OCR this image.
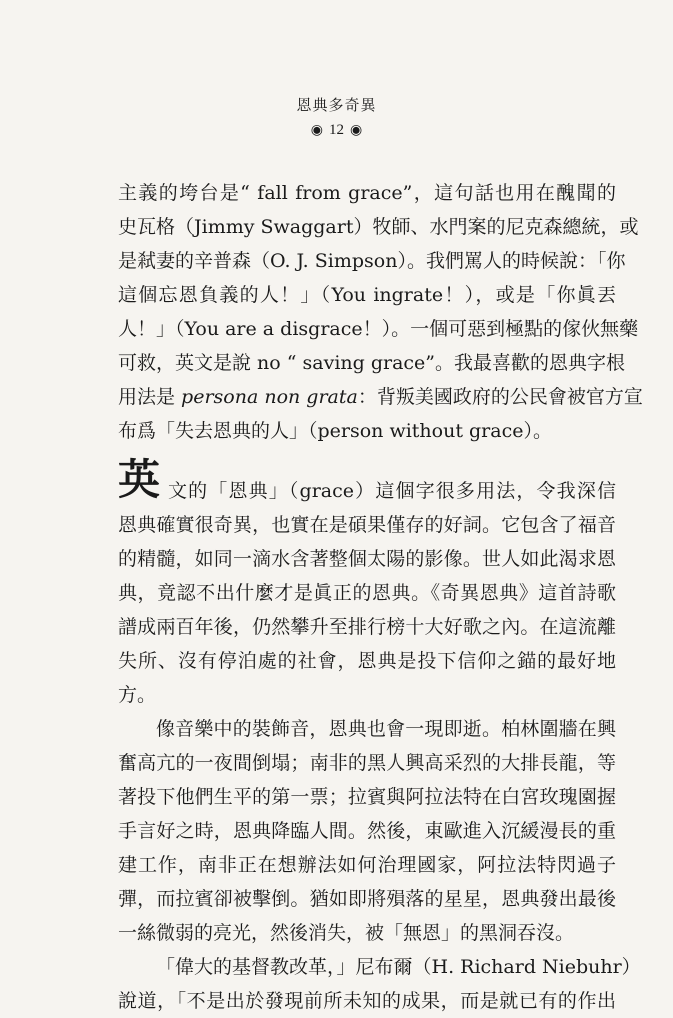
恩典多奇異
◉ 12 ◉
主義的垮台是“ fall from grace”，這句話也用在醜聞的
史瓦格（Jimmy Swaggart）牧師、水門案的尼克森總統，或
是弒妻的辛普森（O. J. Simpson）。我們罵人的時候說：「你
這個忘恩負義的人！」（You ingrate！），或是「你眞丟
人！」（You are a disgrace！）。一個可惡到極點的傢伙無藥
可救，英文是說 no “ saving grace”。我最喜歡的恩典字根
用法是 persona non grata：背叛美國政府的公民會被官方宣
布爲「失去恩典的人」（person without grace）。
英 文的「恩典」（grace）這個字很多用法，令我深信
恩典確實很奇異，也實在是碩果僅存的好詞。它包含了福音
的精髓，如同一滴水含著整個太陽的影像。世人如此渴求恩
典，竟認不出什麼才是眞正的恩典。《奇異恩典》這首詩歌
譜成兩百年後，仍然攀升至排行榜十大好歌之內。在這流離
失所、沒有停泊處的社會，恩典是投下信仰之錨的最好地
方。
像音樂中的裝飾音，恩典也會一現即逝。柏林圍牆在興
奮高亢的一夜間倒塌；南非的黑人興高采烈的大排長龍，等
著投下他們生平的第一票；拉賓與阿拉法特在白宮玫瑰園握
手言好之時，恩典降臨人間。然後，東歐進入沉緩漫長的重
建工作，南非正在想辦法如何治理國家，阿拉法特閃過子
彈，而拉賓卻被擊倒。猶如即將殞落的星星，恩典發出最後
一絲微弱的亮光，然後消失，被「無恩」的黑洞吞沒。
「偉大的基督教改革，」尼布爾（H. Richard Niebuhr）
說道，「不是出於發現前所未知的成果，而是就已有的作出
